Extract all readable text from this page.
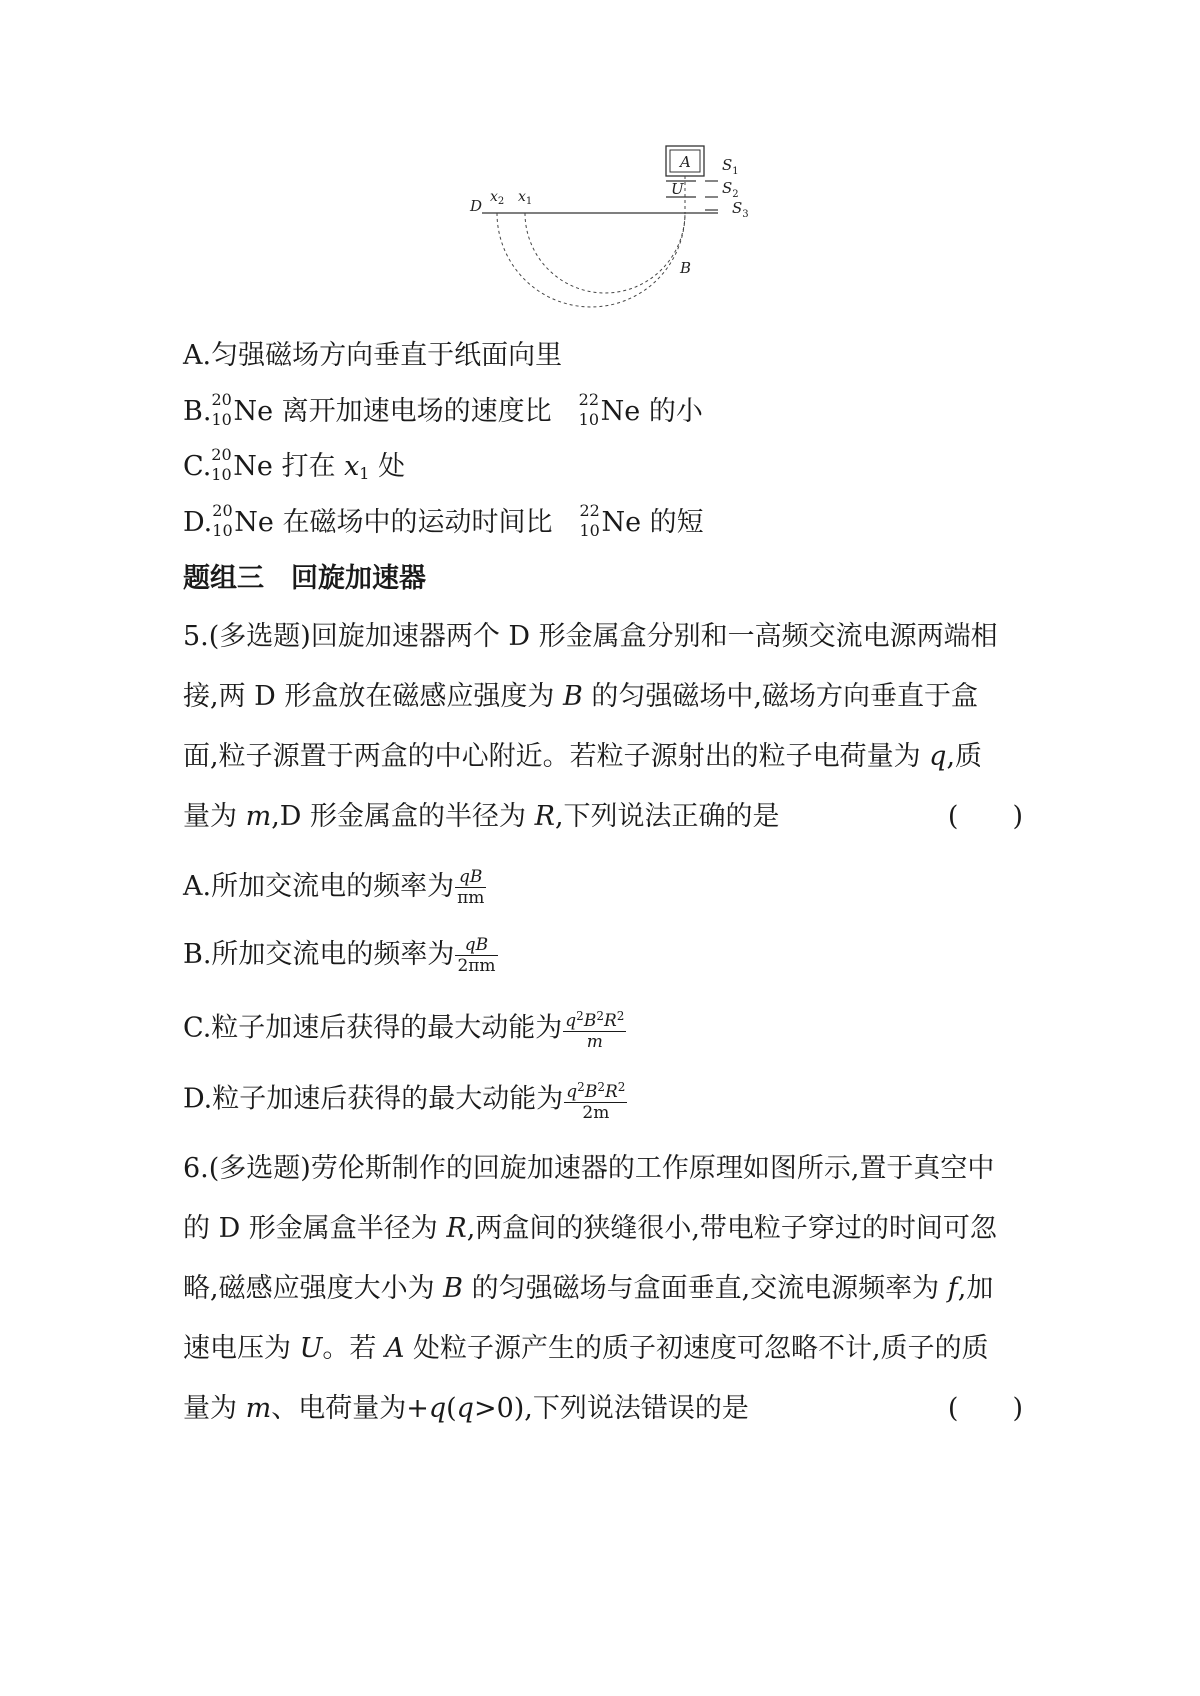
A
U
$S_1$
$S_2$
$S_3$
D $x_2$ $x_1$
B
A.匀强磁场方向垂直于纸面向里
B. 20
10 Ne 离开加速电场的速度比　 22
10 Ne 的小
C. 20
10 Ne 打在 $x_1$ 处
D. 20
10 Ne 在磁场中的运动时间比　 22
10 Ne 的短
题组三　回旋加速器
5.(多选题)回旋加速器两个 D 形金属盒分别和一高频交流电源两端相
接,两 D 形盒放在磁感应强度为 B 的匀强磁场中,磁场方向垂直于盒
面,粒子源置于两盒的中心附近。若粒子源射出的粒子电荷量为 q,质
量为 m,D 形金属盒的半径为 R,下列说法正确的是	(　　)
A.所加交流电的频率为 $\frac{qB}{\pi m}$
B.所加交流电的频率为 $\frac{qB}{2\pi m}$
C.粒子加速后获得的最大动能为 $\frac{q^2B^2R^2}{m}$
D.粒子加速后获得的最大动能为 $\frac{q^2B^2R^2}{2m}$
6.(多选题)劳伦斯制作的回旋加速器的工作原理如图所示,置于真空中
的 D 形金属盒半径为 R,两盒间的狭缝很小,带电粒子穿过的时间可忽
略,磁感应强度大小为 B 的匀强磁场与盒面垂直,交流电源频率为 f,加
速电压为 U。若 A 处粒子源产生的质子初速度可忽略不计,质子的质
量为 m、电荷量为+q(q>0),下列说法错误的是	(　　)
